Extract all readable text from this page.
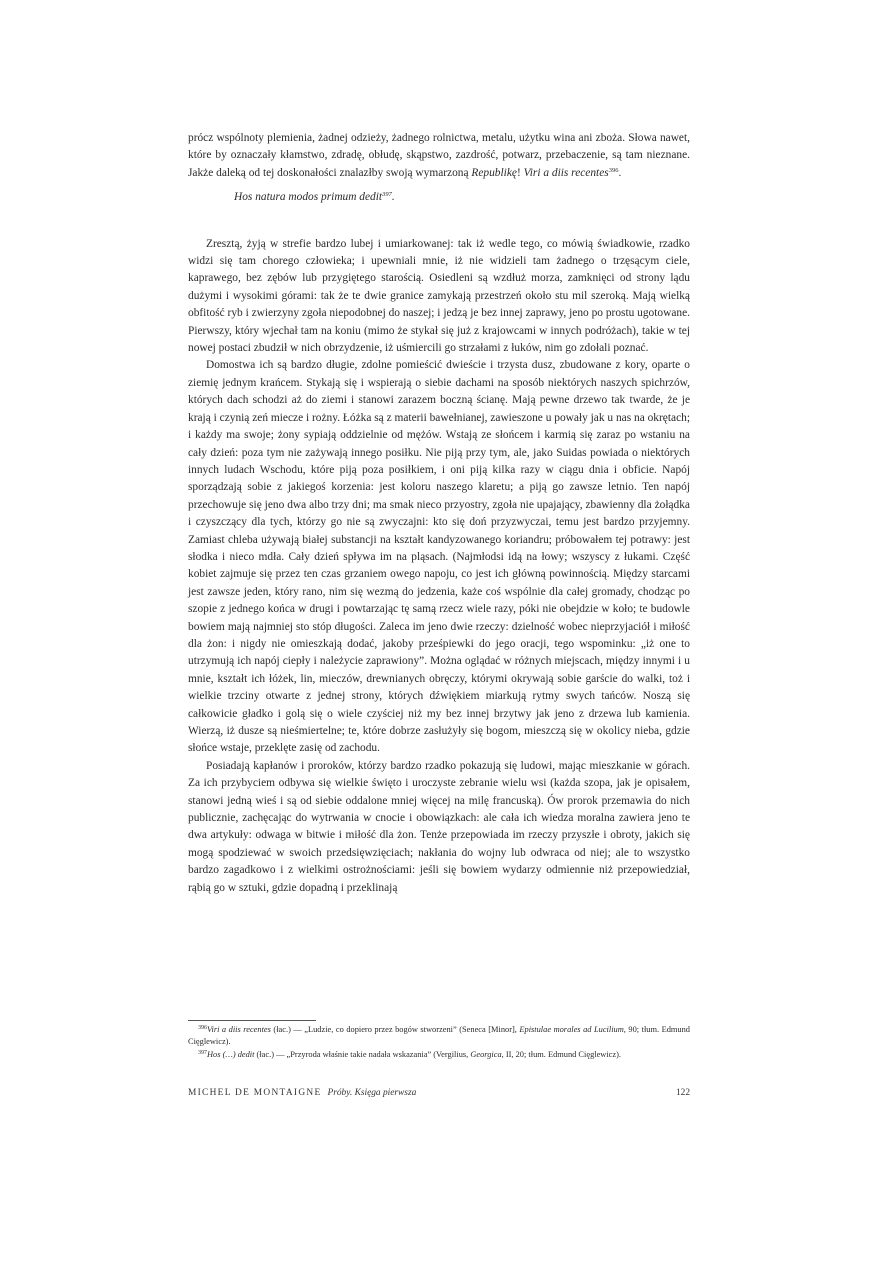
prócz wspólnoty plemienia, żadnej odzieży, żadnego rolnictwa, metalu, użytku wina ani zboża. Słowa nawet, które by oznaczały kłamstwo, zdradę, obłudę, skąpstwo, zazdrość, potwarz, przebaczenie, są tam nieznane. Jakże daleką od tej doskonałości znalazłby swoją wymarzoną Republikę! Viri a diis recentes$^{396}$.

Hos natura modos primum dedit$^{397}$.

Zresztą, żyją w strefie bardzo lubej i umiarkowanej: tak iż wedle tego, co mówią świadkowie, rzadko widzi się tam chorego człowieka; i upewniali mnie, iż nie widzieli tam żadnego o trzęsącym ciele, kaprawego, bez zębów lub przygiętego starością. Osiedleni są wzdłuż morza, zamknięci od strony lądu dużymi i wysokimi górami: tak że te dwie granice zamykają przestrzeń około stu mil szeroką. Mają wielką obfitość ryb i zwierzyny zgoła niepodobnej do naszej; i jedzą je bez innej zaprawy, jeno po prostu ugotowane. Pierwszy, który wjechał tam na koniu (mimo że stykał się już z krajowcami w innych podróżach), takie w tej nowej postaci zbudził w nich obrzydzenie, iż uśmiercili go strzałami z łuków, nim go zdołali poznać.

Domostwa ich są bardzo długie, zdolne pomieścić dwieście i trzysta dusz, zbudowane z kory, oparte o ziemię jednym krańcem. Stykają się i wspierają o siebie dachami na sposób niektórych naszych spichrzów, których dach schodzi aż do ziemi i stanowi zarazem boczną ścianę. Mają pewne drzewo tak twarde, że je krają i czynią zeń miecze i rożny. Łóżka są z materii bawełnianej, zawieszone u powały jak u nas na okrętach; i każdy ma swoje; żony sypiają oddzielnie od mężów. Wstają ze słońcem i karmią się zaraz po wstaniu na cały dzień: poza tym nie zażywają innego posiłku. Nie piją przy tym, ale, jako Suidas powiada o niektórych innych ludach Wschodu, które piją poza posiłkiem, i oni piją kilka razy w ciągu dnia i obficie. Napój sporządzają sobie z jakiegoś korzenia: jest koloru naszego klaretu; a piją go zawsze letnio. Ten napój przechowuje się jeno dwa albo trzy dni; ma smak nieco przyostry, zgoła nie upajający, zbawienny dla żołądka i czyszczący dla tych, którzy go nie są zwyczajni: kto się doń przyzwyczai, temu jest bardzo przyjemny. Zamiast chleba używają białej substancji na kształt kandyzowanego koriandru; próbowałem tej potrawy: jest słodka i nieco mdła. Cały dzień spływa im na pląsach. (Najmłodsi idą na łowy; wszyscy z łukami. Część kobiet zajmuje się przez ten czas grzaniem owego napoju, co jest ich główną powinnością. Między starcami jest zawsze jeden, który rano, nim się wezmą do jedzenia, każe coś wspólnie dla całej gromady, chodząc po szopie z jednego końca w drugi i powtarzając tę samą rzecz wiele razy, póki nie obejdzie w koło; te budowle bowiem mają najmniej sto stóp długości. Zaleca im jeno dwie rzeczy: dzielność wobec nieprzyjaciół i miłość dla żon: i nigdy nie omieszkają dodać, jakoby prześpiewki do jego oracji, tego wspominku: „iż one to utrzymują ich napój ciepły i należycie zaprawiony”. Można oglądać w różnych miejscach, między innymi i u mnie, kształt ich łóżek, lin, mieczów, drewnianych obręczy, którymi okrywają sobie garście do walki, toż i wielkie trzciny otwarte z jednej strony, których dźwiękiem miarkują rytmy swych tańców. Noszą się całkowicie gładko i golą się o wiele czyściej niż my bez innej brzytwy jak jeno z drzewa lub kamienia. Wierzą, iż dusze są nieśmiertelne; te, które dobrze zasłużyły się bogom, mieszczą się w okolicy nieba, gdzie słońce wstaje, przeklęte zasię od zachodu.

Posiadają kapłanów i proroków, którzy bardzo rzadko pokazują się ludowi, mając mieszkanie w górach. Za ich przybyciem odbywa się wielkie święto i uroczyste zebranie wielu wsi (każda szopa, jak je opisałem, stanowi jedną wieś i są od siebie oddalone mniej więcej na milę francuską). Ów prorok przemawia do nich publicznie, zachęcając do wytrwania w cnocie i obowiązkach: ale cała ich wiedza moralna zawiera jeno te dwa artykuły: odwaga w bitwie i miłość dla żon. Tenże przepowiada im rzeczy przyszłe i obroty, jakich się mogą spodziewać w swoich przedsięwzięciach; nakłania do wojny lub odwraca od niej; ale to wszystko bardzo zagadkowo i z wielkimi ostrożnościami: jeśli się bowiem wydarzy odmiennie niż przepowiedział, rąbią go w sztuki, gdzie dopadną i przeklinają

$^{396}$Viri a diis recentes (łac.) — „Ludzie, co dopiero przez bogów stworzeni” (Seneca [Minor], Epistulae morales ad Lucilium, 90; tłum. Edmund Cięglewicz).

$^{397}$Hos (…) dedit (łac.) — „Przyroda właśnie takie nadała wskazania” (Vergilius, Georgica, II, 20; tłum. Edmund Cięglewicz).

MICHEL DE MONTAIGNE Próby. Księga pierwsza	122
